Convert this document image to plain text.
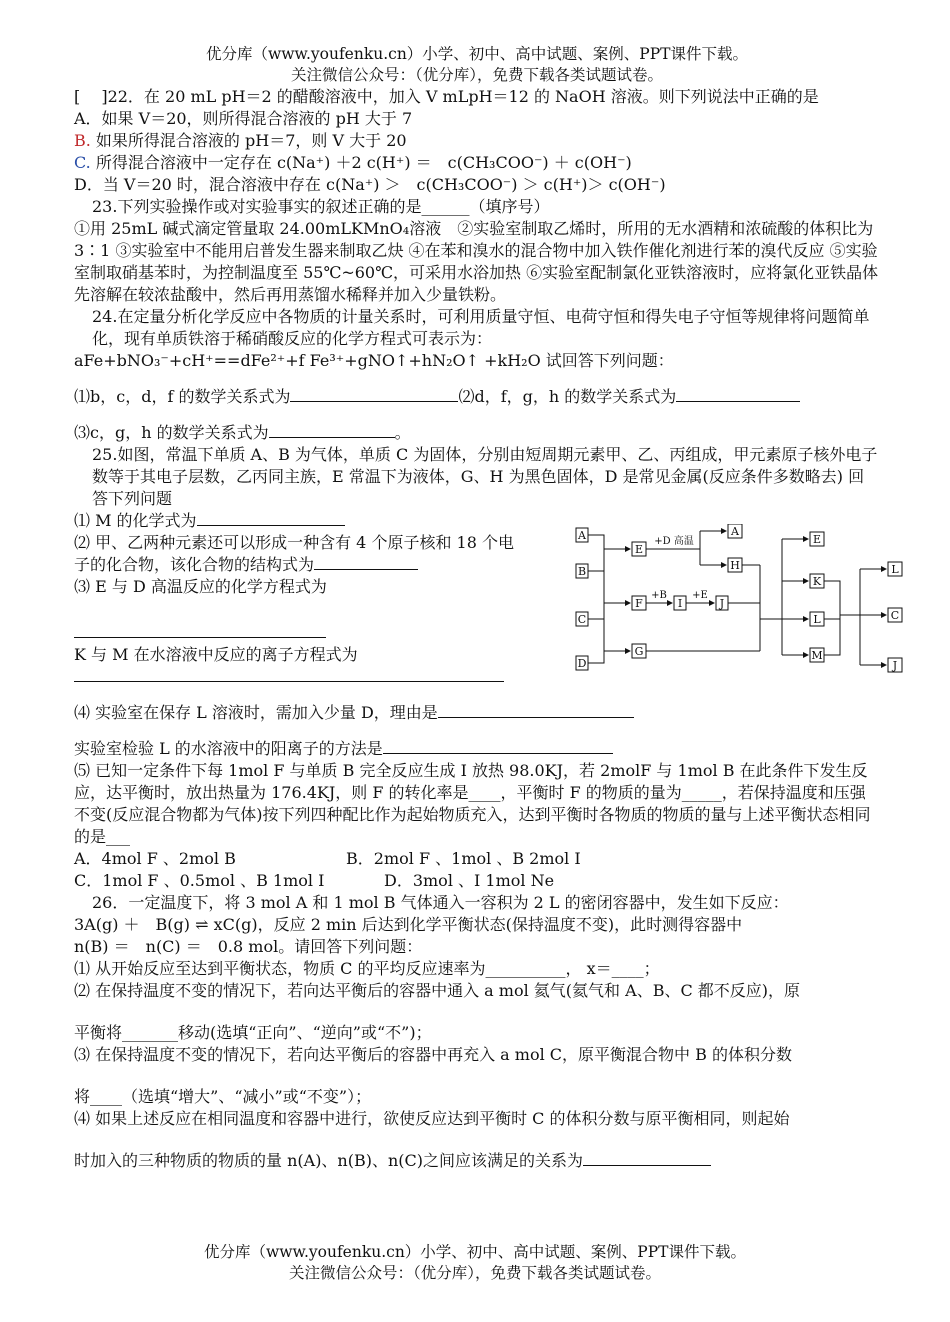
优分库（www.youfenku.cn）小学、初中、高中试题、案例、PPT课件下载。
关注微信公众号：（优分库），免费下载各类试题试卷。
[　 ]22．在 20 mL pH＝2 的醋酸溶液中，加入 V mLpH＝12 的 NaOH 溶液。则下列说法中正确的是
A．如果 V＝20，则所得混合溶液的 pH 大于 7
B. 如果所得混合溶液的 pH＝7，则 V 大于 20
C. 所得混合溶液中一定存在 c(Na⁺) ＋2 c(H⁺) ＝　c(CH₃COO⁻) ＋ c(OH⁻)
D．当 V＝20 时，混合溶液中存在 c(Na⁺) ＞　c(CH₃COO⁻) ＞ c(H⁺)＞ c(OH⁻)
23.下列实验操作或对实验事实的叙述正确的是______（填序号）
①用 25mL 碱式滴定管量取 24.00mLKMnO₄溶液　②实验室制取乙烯时，所用的无水酒精和浓硫酸的体积比为 3∶1 ③实验室中不能用启普发生器来制取乙炔 ④在苯和溴水的混合物中加入铁作催化剂进行苯的溴代反应 ⑤实验室制取硝基苯时，为控制温度至 55℃~60℃，可采用水浴加热 ⑥实验室配制氯化亚铁溶液时，应将氯化亚铁晶体先溶解在较浓盐酸中，然后再用蒸馏水稀释并加入少量铁粉。
24.在定量分析化学反应中各物质的计量关系时，可利用质量守恒、电荷守恒和得失电子守恒等规律将问题简单化，现有单质铁溶于稀硝酸反应的化学方程式可表示为：
aFe+bNO₃⁻+cH⁺==dFe²⁺+f Fe³⁺+gNO↑+hN₂O↑ +kH₂O 试回答下列问题：
⑴b，c，d，f 的数学关系式为	⑵d，f，g，h 的数学关系式为
⑶c，g，h 的数学关系式为	。
25.如图，常温下单质 A、B 为气体，单质 C 为固体，分别由短周期元素甲、乙、丙组成，甲元素原子核外电子数等于其电子层数，乙丙同主族，E 常温下为液体，G、H 为黑色固体，D 是常见金属(反应条件多数略去) 回答下列问题
⑴ M 的化学式为
⑵ 甲、乙两种元素还可以形成一种含有 4 个原子核和 18 个电
子的化合物，该化合物的结构式为
⑶ E 与 D 高温反应的化学方程式为
K 与 M 在水溶液中反应的离子方程式为
⑷ 实验室在保存 L 溶液时，需加入少量 D，理由是
实验室检验 L 的水溶液中的阳离子的方法是
⑸ 已知一定条件下每 1mol F 与单质 B 完全反应生成 I 放热 98.0KJ，若 2molF 与 1mol B 在此条件下发生反应，达平衡时，放出热量为 176.4KJ，则 F 的转化率是____，平衡时 F 的物质的量为_____，若保持温度和压强不变(反应混合物都为气体)按下列四种配比作为起始物质充入，达到平衡时各物质的物质的量与上述平衡状态相同的是___
A．4mol F 、2mol B	B．2mol F 、1mol 、B 2mol I
C．1mol F 、0.5mol 、B 1mol I	D．3mol 、I 1mol Ne
26．一定温度下，将 3 mol A 和 1 mol B 气体通入一容积为 2 L 的密闭容器中，发生如下反应：
3A(g) ＋　B(g) ⇌ xC(g)，反应 2 min 后达到化学平衡状态(保持温度不变)，此时测得容器中
n(B) ＝　n(C) ＝　0.8 mol。请回答下列问题：
⑴ 从开始反应至达到平衡状态，物质 C 的平均反应速率为__________， x＝____；
⑵ 在保持温度不变的情况下，若向达平衡后的容器中通入 a mol 氦气(氦气和 A、B、C 都不反应)，原
平衡将_______移动(选填“正向”、“逆向”或“不”)；
⑶ 在保持温度不变的情况下，若向达平衡后的容器中再充入 a mol C，原平衡混合物中 B 的体积分数
将____（选填“增大”、“减小”或“不变”）；
⑷ 如果上述反应在相同温度和容器中进行，欲使反应达到平衡时 C 的体积分数与原平衡相同，则起始
时加入的三种物质的物质的量 n(A)、n(B)、n(C)之间应该满足的关系为
A
B
C
D
E
F	I	J
G
A
H
E
K
L
M
L
C
J
+D 高温
+B	+E
优分库（www.youfenku.cn）小学、初中、高中试题、案例、PPT课件下载。
关注微信公众号：（优分库），免费下载各类试题试卷。
